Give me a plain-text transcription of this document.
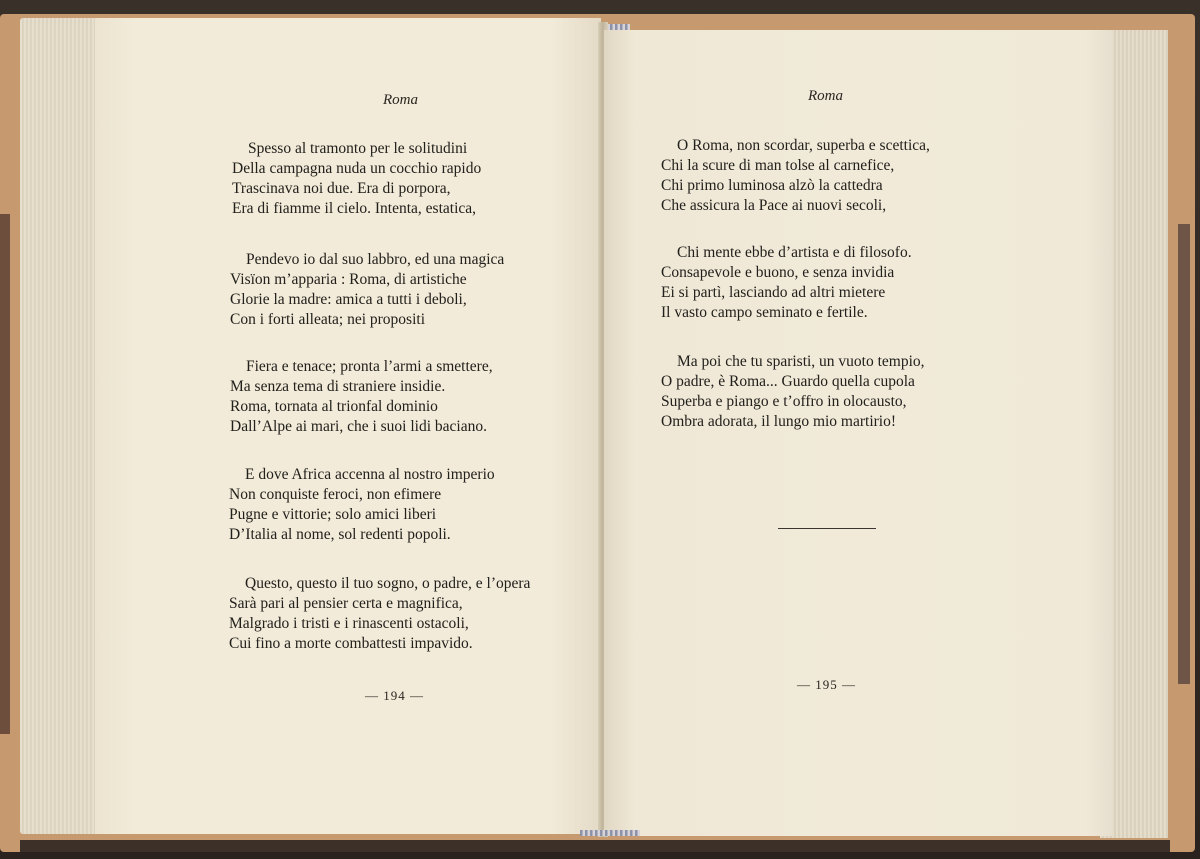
Roma
Spesso al tramonto per le solitudini
Della campagna nuda un cocchio rapido
Trascinava noi due. Era di porpora,
Era di fiamme il cielo. Intenta, estatica,
Pendevo io dal suo labbro, ed una magica
Visïon m’appariа : Roma, di artistiche
Glorie la madre: amica a tutti i deboli,
Con i forti alleata; nei propositi
Fiera e tenace; pronta l’armi a smettere,
Ma senza tema di straniere insidie.
Roma, tornata al trionfal dominio
Dall’Alpe ai mari, che i suoi lidi baciano.
E dove Africa accenna al nostro imperio
Non conquiste feroci, non efimere
Pugne e vittorie; solo amici liberi
D’Italia al nome, sol redenti popoli.
Questo, questo il tuo sogno, o padre, e l’opera
Sarà pari al pensier certa e magnifica,
Malgrado i tristi e i rinascenti ostacoli,
Cui fino a morte combattesti impavido.
— 194 —
Roma
O Roma, non scordar, superba e scettica,
Chi la scure di man tolse al carnefice,
Chi primo luminosa alzò la cattedra
Che assicura la Pace ai nuovi secoli,
Chi mente ebbe d’artista e di filosofo.
Consapevole e buono, e senza invidia
Ei si partì, lasciando ad altri mietere
Il vasto campo seminato e fertile.
Ma poi che tu sparisti, un vuoto tempio,
O padre, è Roma... Guardo quella cupola
Superba e piango e t’offro in olocausto,
Ombra adorata, il lungo mio martirio!
— 195 —
